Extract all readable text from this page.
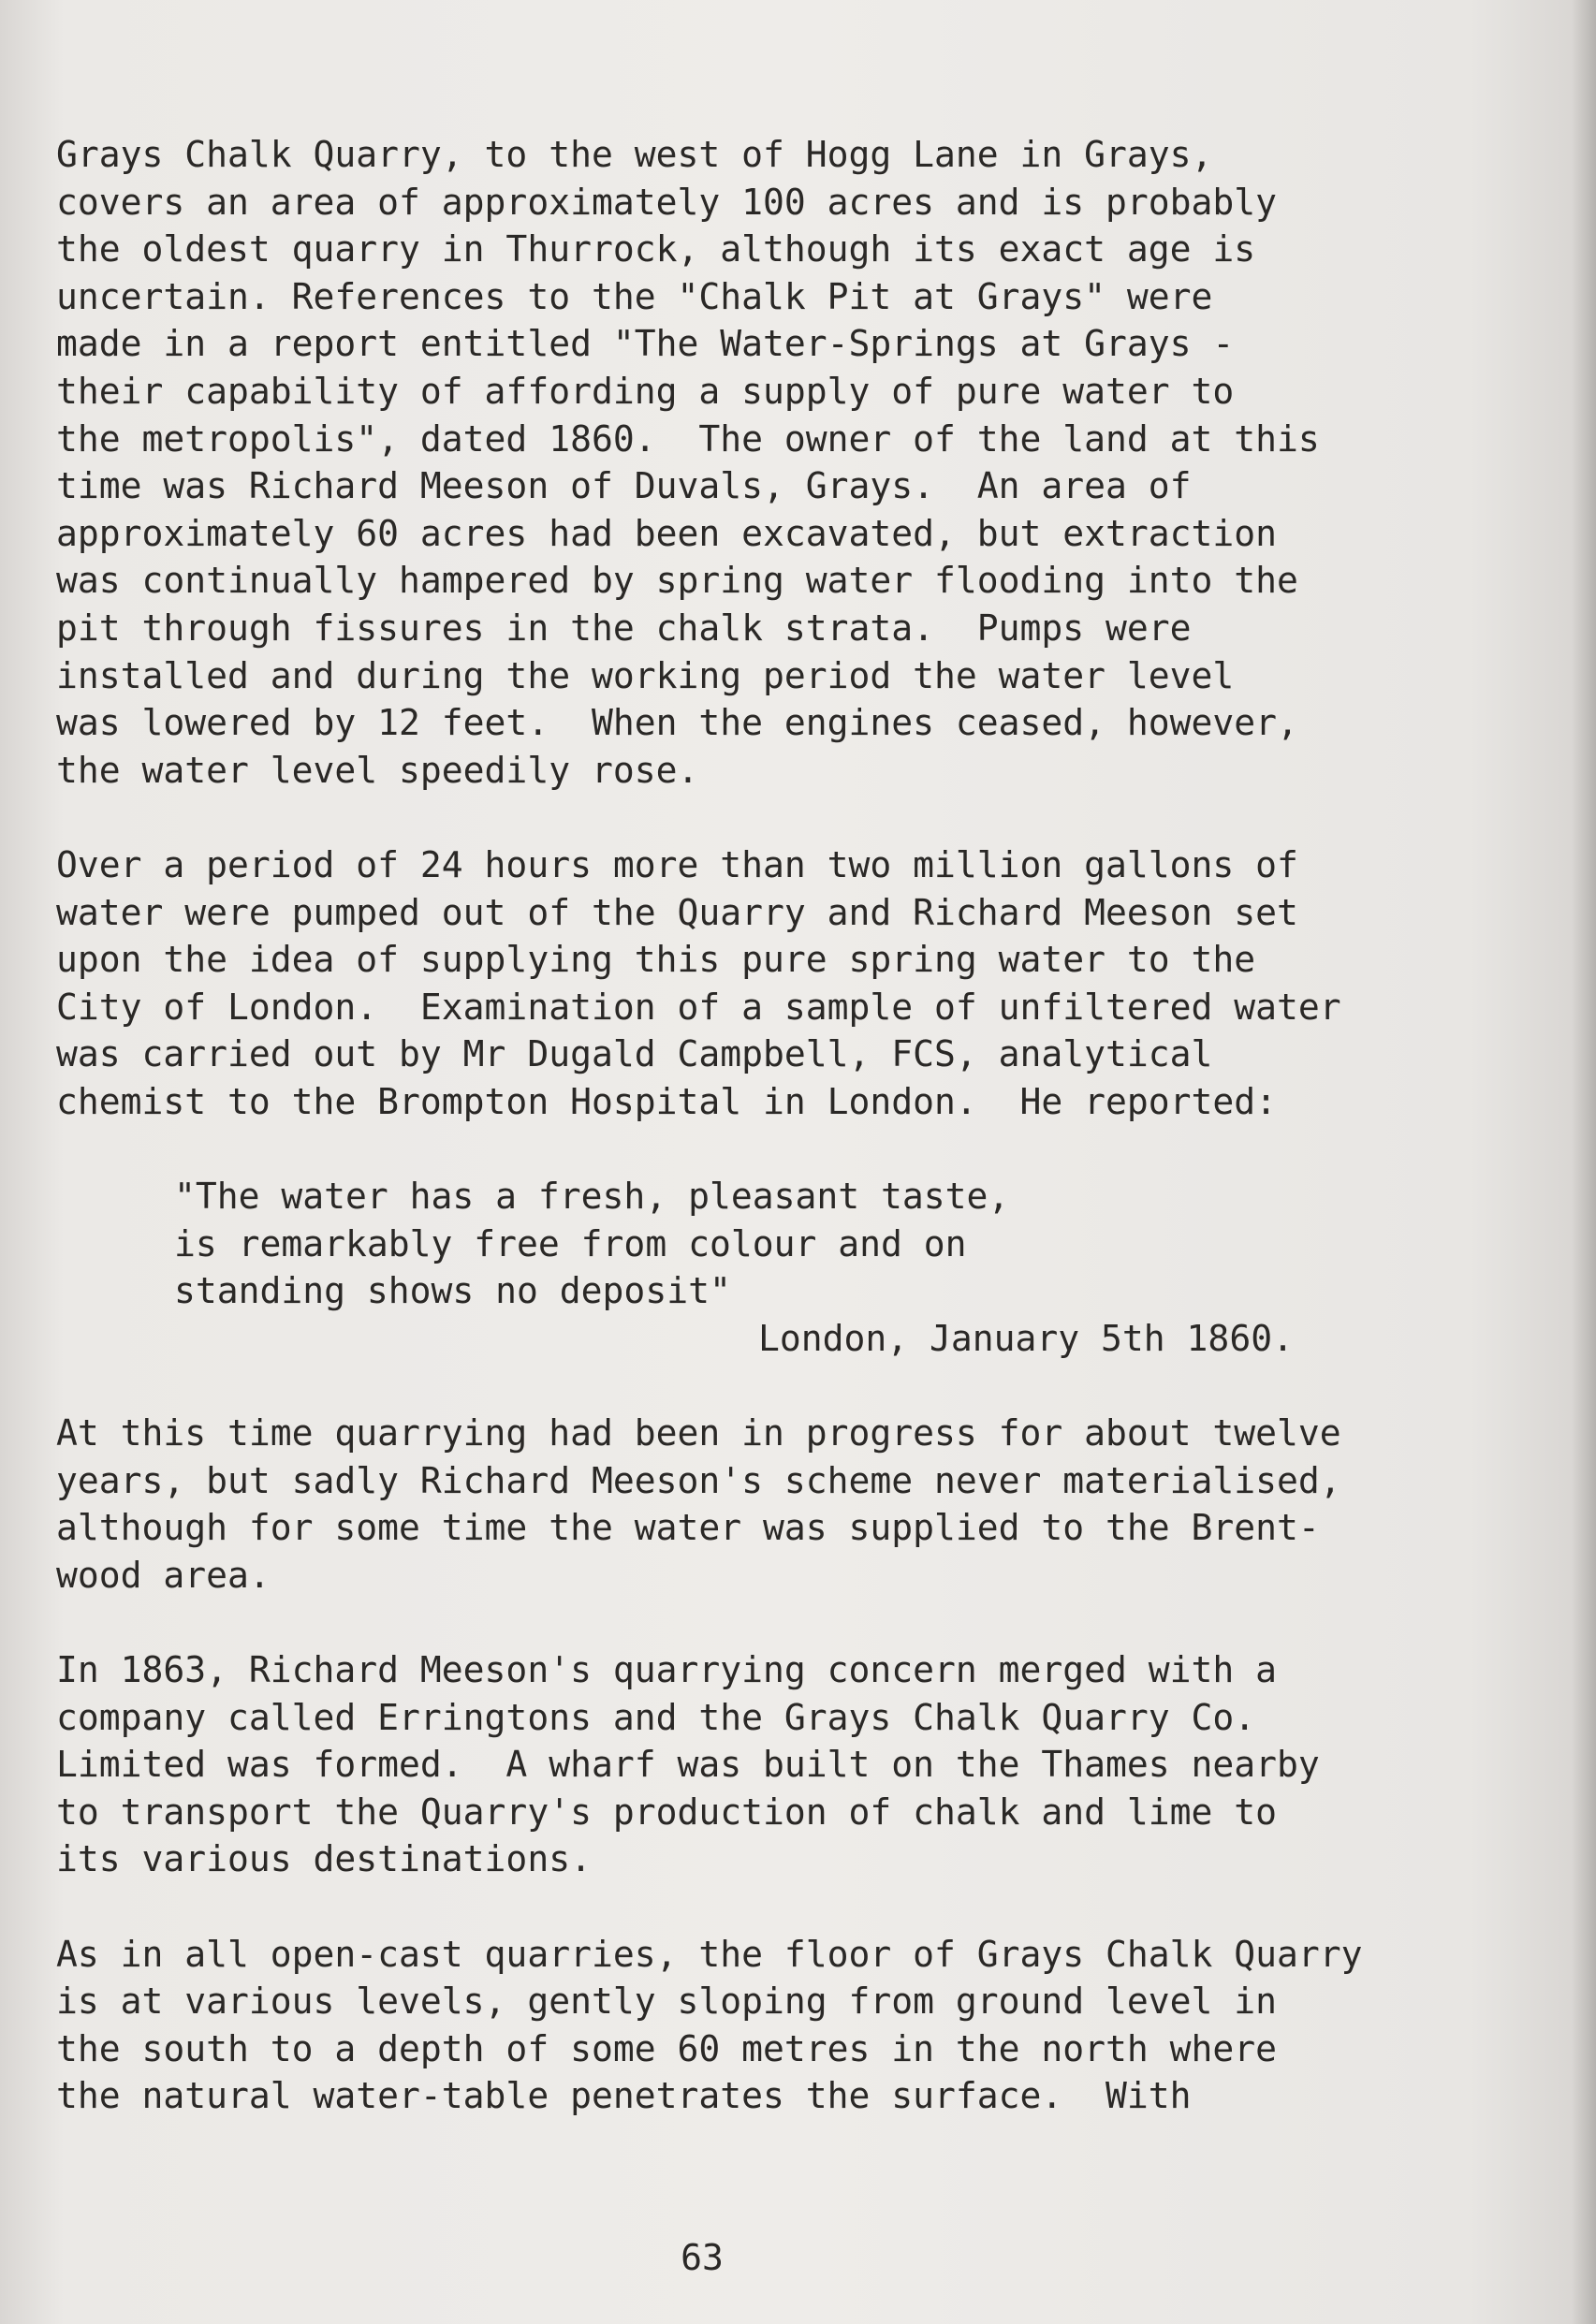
Grays Chalk Quarry, to the west of Hogg Lane in Grays,
covers an area of approximately 100 acres and is probably
the oldest quarry in Thurrock, although its exact age is
uncertain. References to the "Chalk Pit at Grays" were
made in a report entitled "The Water-Springs at Grays -
their capability of affording a supply of pure water to
the metropolis", dated 1860.  The owner of the land at this
time was Richard Meeson of Duvals, Grays.  An area of
approximately 60 acres had been excavated, but extraction
was continually hampered by spring water flooding into the
pit through fissures in the chalk strata.  Pumps were
installed and during the working period the water level
was lowered by 12 feet.  When the engines ceased, however,
the water level speedily rose.

Over a period of 24 hours more than two million gallons of
water were pumped out of the Quarry and Richard Meeson set
upon the idea of supplying this pure spring water to the
City of London.  Examination of a sample of unfiltered water
was carried out by Mr Dugald Campbell, FCS, analytical
chemist to the Brompton Hospital in London.  He reported:

"The water has a fresh, pleasant taste,
is remarkably free from colour and on
standing shows no deposit"
London, January 5th 1860.

At this time quarrying had been in progress for about twelve
years, but sadly Richard Meeson's scheme never materialised,
although for some time the water was supplied to the Brent-
wood area.

In 1863, Richard Meeson's quarrying concern merged with a
company called Erringtons and the Grays Chalk Quarry Co.
Limited was formed.  A wharf was built on the Thames nearby
to transport the Quarry's production of chalk and lime to
its various destinations.

As in all open-cast quarries, the floor of Grays Chalk Quarry
is at various levels, gently sloping from ground level in
the south to a depth of some 60 metres in the north where
the natural water-table penetrates the surface.  With

63
